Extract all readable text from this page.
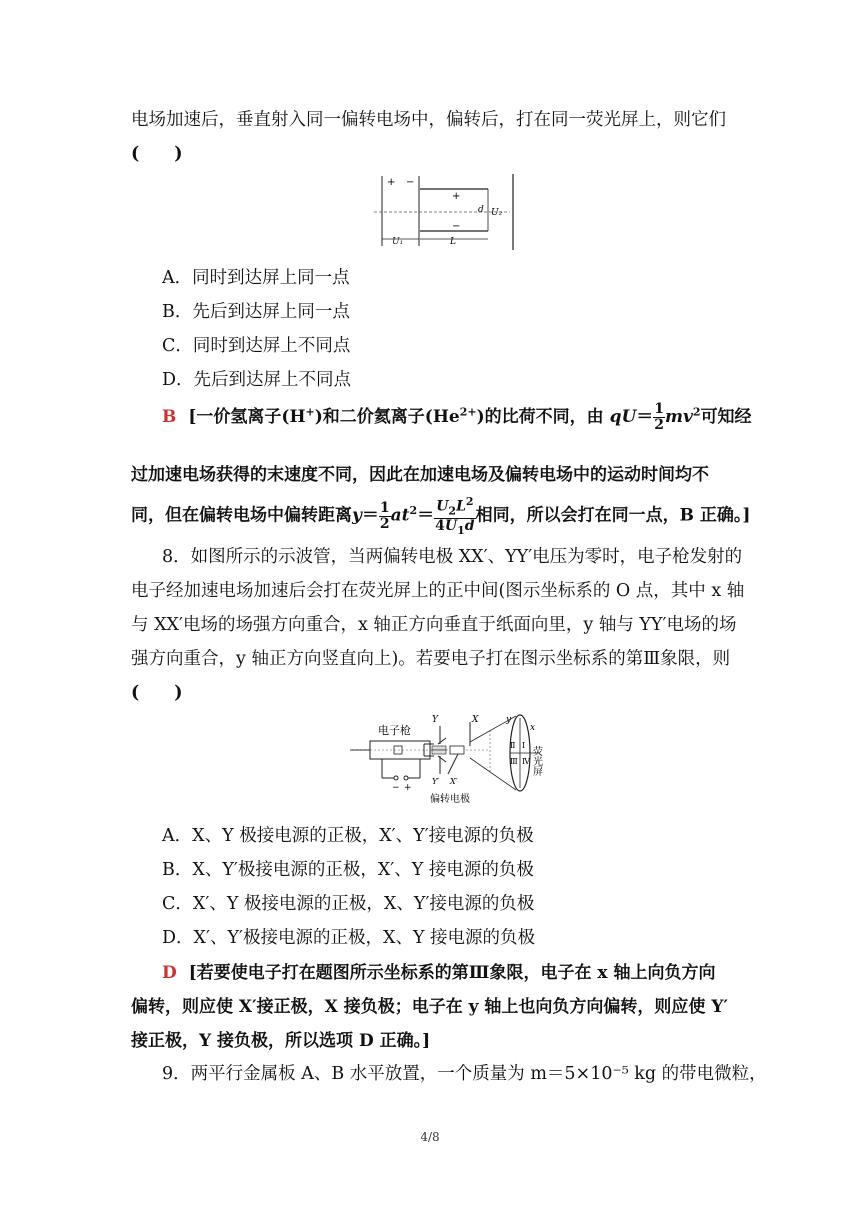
电场加速后，垂直射入同一偏转电场中，偏转后，打在同一荧光屏上，则它们
(　　)
+ −
+
−
d U₂
U₁	L
A．同时到达屏上同一点
B．先后到达屏上同一点
C．同时到达屏上不同点
D．先后到达屏上不同点
B [一价氢离子(H+)和二价氦离子$(He^{2+})$的比荷不同，由 $qU= \frac{1}{2} mv^2$可知经
过加速电场获得的末速度不同，因此在加速电场及偏转电场中的运动时间均不
同，但在偏转电场中偏转距离$y= \frac{1}{2} at^2= \frac{U_2L^2}{4U_1d}$ 相同，所以会打在同一点，B 正确。]
8．如图所示的示波管，当两偏转电极 XX′、YY′电压为零时，电子枪发射的
电子经加速电场加速后会打在荧光屏上的正中间(图示坐标系的 O 点，其中 x 轴
与 XX′电场的场强方向重合，x 轴正方向垂直于纸面向里，y 轴与 YY′电场的场
强方向重合，y 轴正方向竖直向上)。若要电子打在图示坐标系的第Ⅲ象限，则
(　　)
电子枪
− +
Y
Y′
X
X′
偏转电极
y
x
Ⅱ Ⅰ
Ⅲ Ⅳ 荧光屏
A．X、Y 极接电源的正极，X′、Y′接电源的负极
B．X、Y′极接电源的正极，X′、Y 接电源的负极
C．X′、Y 极接电源的正极，X、Y′接电源的负极
D．X′、Y′极接电源的正极，X、Y 接电源的负极
D [若要使电子打在题图所示坐标系的第Ⅲ象限，电子在 x 轴上向负方向
偏转，则应使 X′接正极，X 接负极；电子在 y 轴上也向负方向偏转，则应使 Y′
接正极，Y 接负极，所以选项 D 正确。]
9．两平行金属板 A、B 水平放置，一个质量为 m＝5×10⁻⁵ kg 的带电微粒，
4/8
